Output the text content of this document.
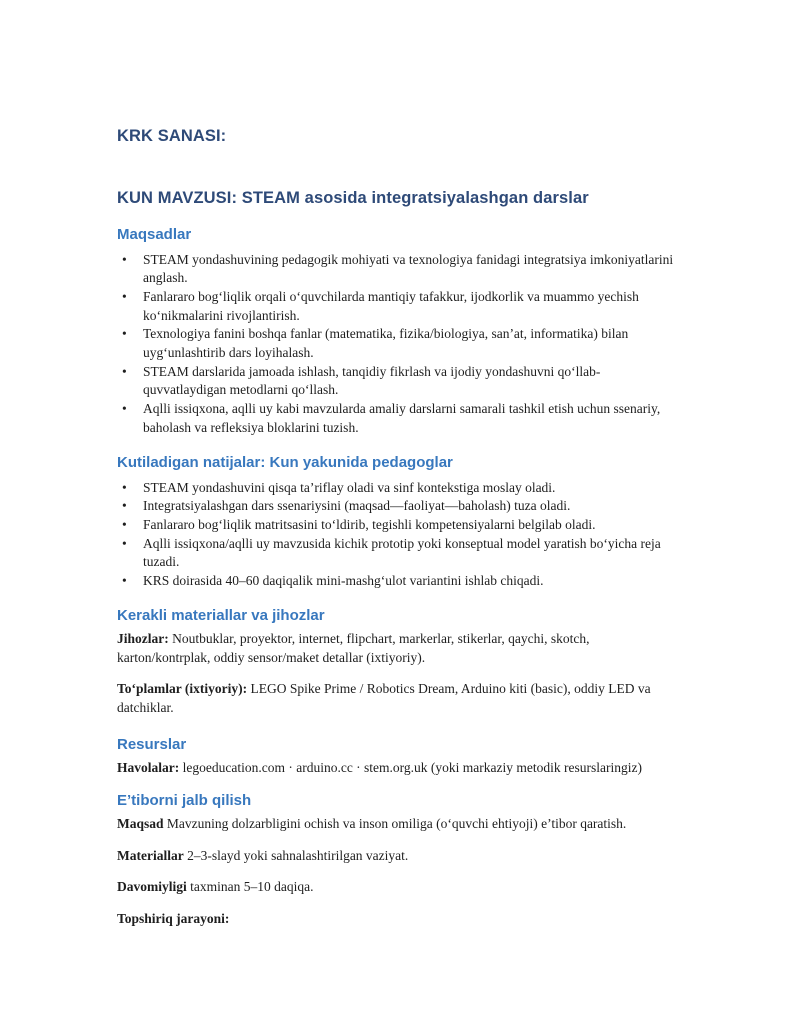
KRK SANASI:
KUN MAVZUSI: STEAM asosida integratsiyalashgan darslar
Maqsadlar
• STEAM yondashuvining pedagogik mohiyati va texnologiya fanidagi integratsiya imkoniyatlarini anglash.
• Fanlararo bogʻliqlik orqali oʻquvchilarda mantiqiy tafakkur, ijodkorlik va muammo yechish koʻnikmalarini rivojlantirish.
• Texnologiya fanini boshqa fanlar (matematika, fizika/biologiya, san’at, informatika) bilan uygʻunlashtirib dars loyihalash.
• STEAM darslarida jamoada ishlash, tanqidiy fikrlash va ijodiy yondashuvni qoʻllab-quvvatlaydigan metodlarni qoʻllash.
• Aqlli issiqxona, aqlli uy kabi mavzularda amaliy darslarni samarali tashkil etish uchun ssenariy, baholash va refleksiya bloklarini tuzish.
Kutiladigan natijalar: Kun yakunida pedagoglar
• STEAM yondashuvini qisqa ta’riflay oladi va sinf kontekstiga moslay oladi.
• Integratsiyalashgan dars ssenariysini (maqsad—faoliyat—baholash) tuza oladi.
• Fanlararo bogʻliqlik matritsasini toʻldirib, tegishli kompetensiyalarni belgilab oladi.
• Aqlli issiqxona/aqlli uy mavzusida kichik prototip yoki konseptual model yaratish boʻyicha reja tuzadi.
• KRS doirasida 40–60 daqiqalik mini-mashgʻulot variantini ishlab chiqadi.
Kerakli materiallar va jihozlar

Jihozlar: Noutbuklar, proyektor, internet, flipchart, markerlar, stikerlar, qaychi, skotch, karton/kontrplak, oddiy sensor/maket detallar (ixtiyoriy).

Toʻplamlar (ixtiyoriy): LEGO Spike Prime / Robotics Dream, Arduino kiti (basic), oddiy LED va datchiklar.

Resurslar

Havolalar: legoeducation.com · arduino.cc · stem.org.uk (yoki markaziy metodik resurslaringiz)

E’tiborni jalb qilish

Maqsad Mavzuning dolzarbligini ochish va inson omiliga (oʻquvchi ehtiyoji) e’tibor qaratish.

Materiallar 2–3-slayd yoki sahnalashtirilgan vaziyat.

Davomiyligi taxminan 5–10 daqiqa.

Topshiriq jarayoni:
